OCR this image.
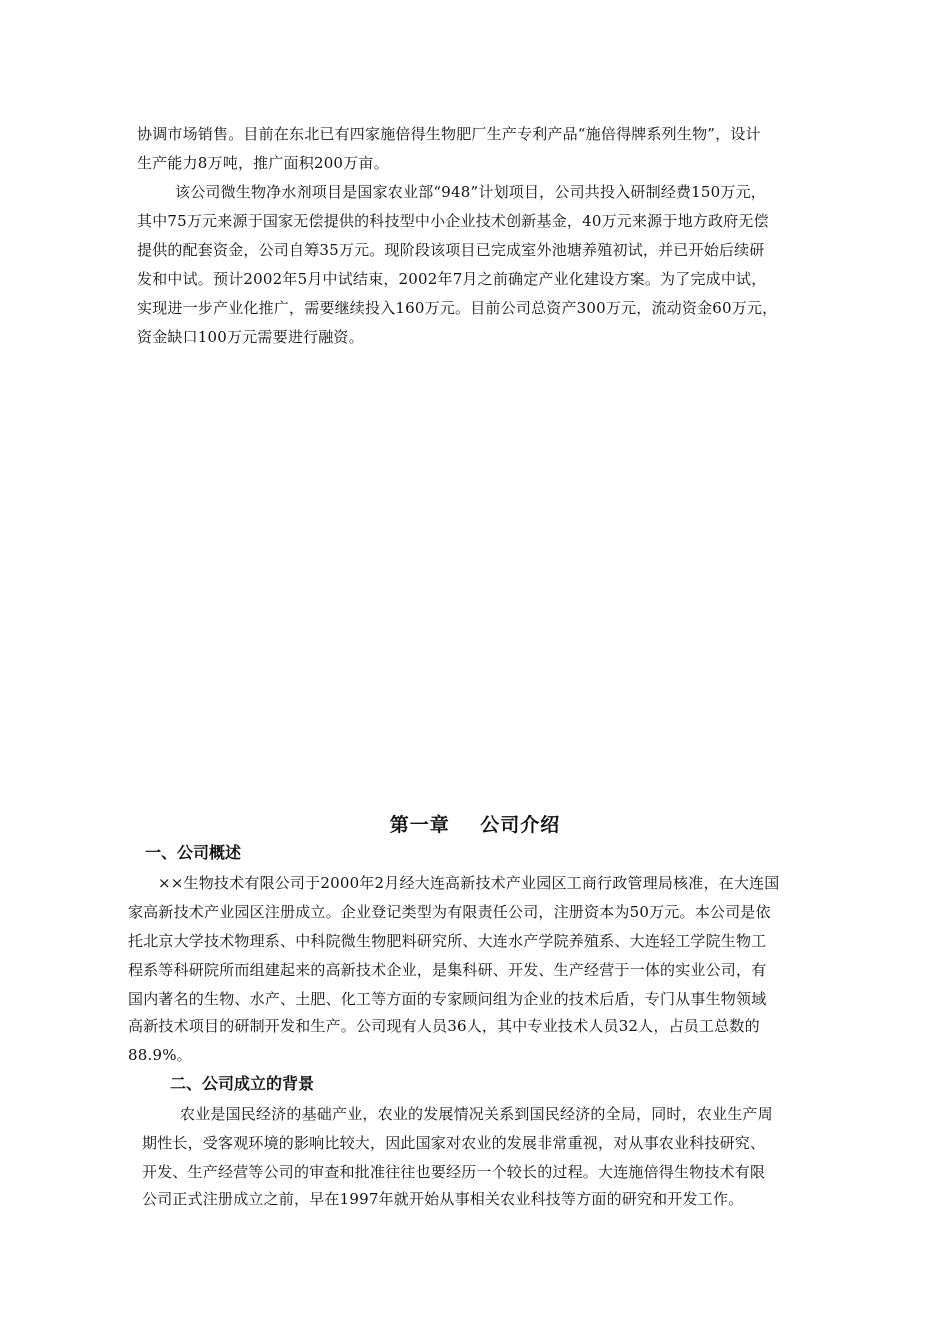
协调市场销售。目前在东北已有四家施倍得生物肥厂生产专利产品“施倍得牌系列生物”，设计
生产能力8万吨，推广面积200万亩。
该公司微生物净水剂项目是国家农业部“948”计划项目，公司共投入研制经费150万元，
其中75万元来源于国家无偿提供的科技型中小企业技术创新基金，40万元来源于地方政府无偿
提供的配套资金，公司自筹35万元。现阶段该项目已完成室外池塘养殖初试，并已开始后续研
发和中试。预计2002年5月中试结束，2002年7月之前确定产业化建设方案。为了完成中试，
实现进一步产业化推广，需要继续投入160万元。目前公司总资产300万元，流动资金60万元，
资金缺口100万元需要进行融资。
第一章    公司介绍
一、公司概述
××生物技术有限公司于2000年2月经大连高新技术产业园区工商行政管理局核准，在大连国
家高新技术产业园区注册成立。企业登记类型为有限责任公司，注册资本为50万元。本公司是依
托北京大学技术物理系、中科院微生物肥料研究所、大连水产学院养殖系、大连轻工学院生物工
程系等科研院所而组建起来的高新技术企业，是集科研、开发、生产经营于一体的实业公司，有
国内著名的生物、水产、土肥、化工等方面的专家顾问组为企业的技术后盾，专门从事生物领域
高新技术项目的研制开发和生产。公司现有人员36人，其中专业技术人员32人，占员工总数的
88.9%。
二、公司成立的背景
农业是国民经济的基础产业，农业的发展情况关系到国民经济的全局，同时，农业生产周
期性长，受客观环境的影响比较大，因此国家对农业的发展非常重视，对从事农业科技研究、
开发、生产经营等公司的审查和批准往往也要经历一个较长的过程。大连施倍得生物技术有限
公司正式注册成立之前，早在1997年就开始从事相关农业科技等方面的研究和开发工作。
